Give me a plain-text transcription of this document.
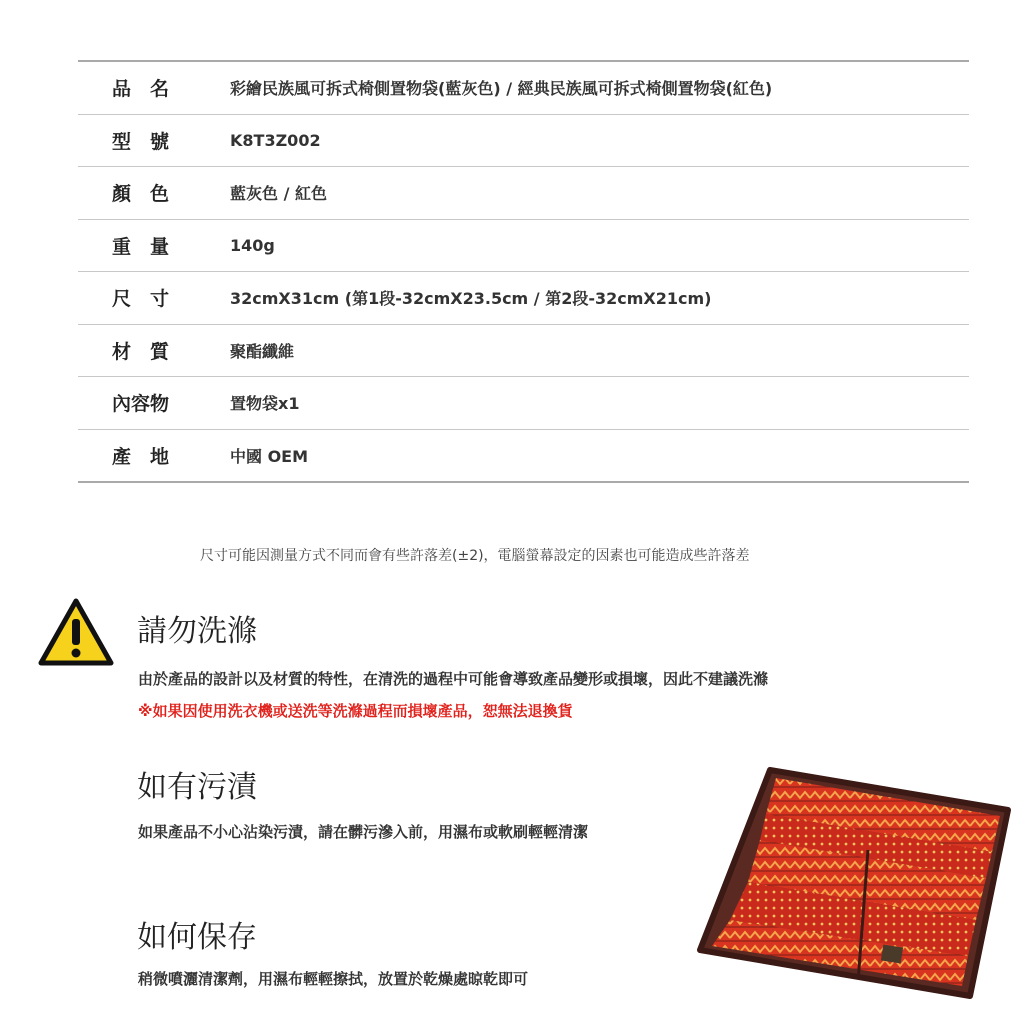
品　名	彩繪民族風可拆式椅側置物袋(藍灰色) / 經典民族風可拆式椅側置物袋(紅色)
型　號	K8T3Z002
顏　色	藍灰色 / 紅色
重　量	140g
尺　寸	32cmX31cm (第1段-32cmX23.5cm / 第2段-32cmX21cm)
材　質	聚酯纖維
內容物	置物袋x1
產　地	中國 OEM
尺寸可能因測量方式不同而會有些許落差(±2)，電腦螢幕設定的因素也可能造成些許落差
請勿洗滌
由於產品的設計以及材質的特性，在清洗的過程中可能會導致產品變形或損壞，因此不建議洗滌
※如果因使用洗衣機或送洗等洗滌過程而損壞產品，恕無法退換貨
如有污漬
如果產品不小心沾染污漬，請在髒污滲入前，用濕布或軟刷輕輕清潔
如何保存
稍微噴灑清潔劑，用濕布輕輕擦拭，放置於乾燥處晾乾即可
